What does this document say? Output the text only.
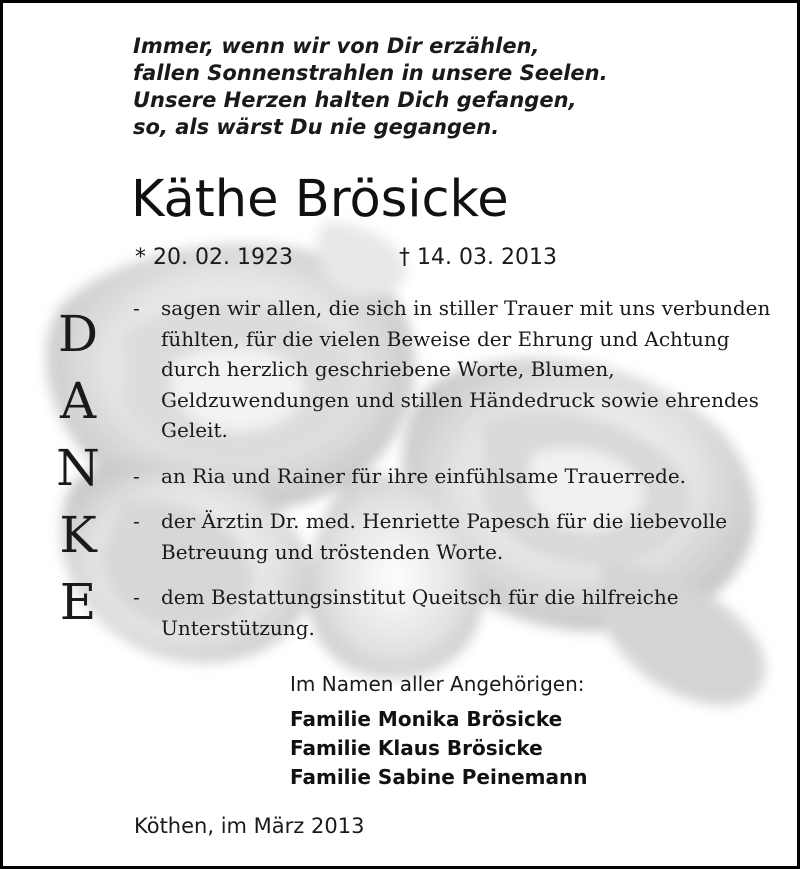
Immer, wenn wir von Dir erzählen,
fallen Sonnenstrahlen in unsere Seelen.
Unsere Herzen halten Dich gefangen,
so, als wärst Du nie gegangen.
Käthe Brösicke
* 20. 02. 1923	† 14. 03. 2013
D
A
N
K
E
- sagen wir allen, die sich in stiller Trauer mit uns verbunden fühlten, für die vielen Beweise der Ehrung und Achtung durch herzlich geschriebene Worte, Blumen, Geldzuwendungen und stillen Händedruck sowie ehrendes Geleit.
- an Ria und Rainer für ihre einfühlsame Trauerrede.
- der Ärztin Dr. med. Henriette Papesch für die liebevolle Betreuung und tröstenden Worte.
- dem Bestattungsinstitut Queitsch für die hilfreiche Unterstützung.
Im Namen aller Angehörigen:
Familie Monika Brösicke
Familie Klaus Brösicke
Familie Sabine Peinemann
Köthen, im März 2013
